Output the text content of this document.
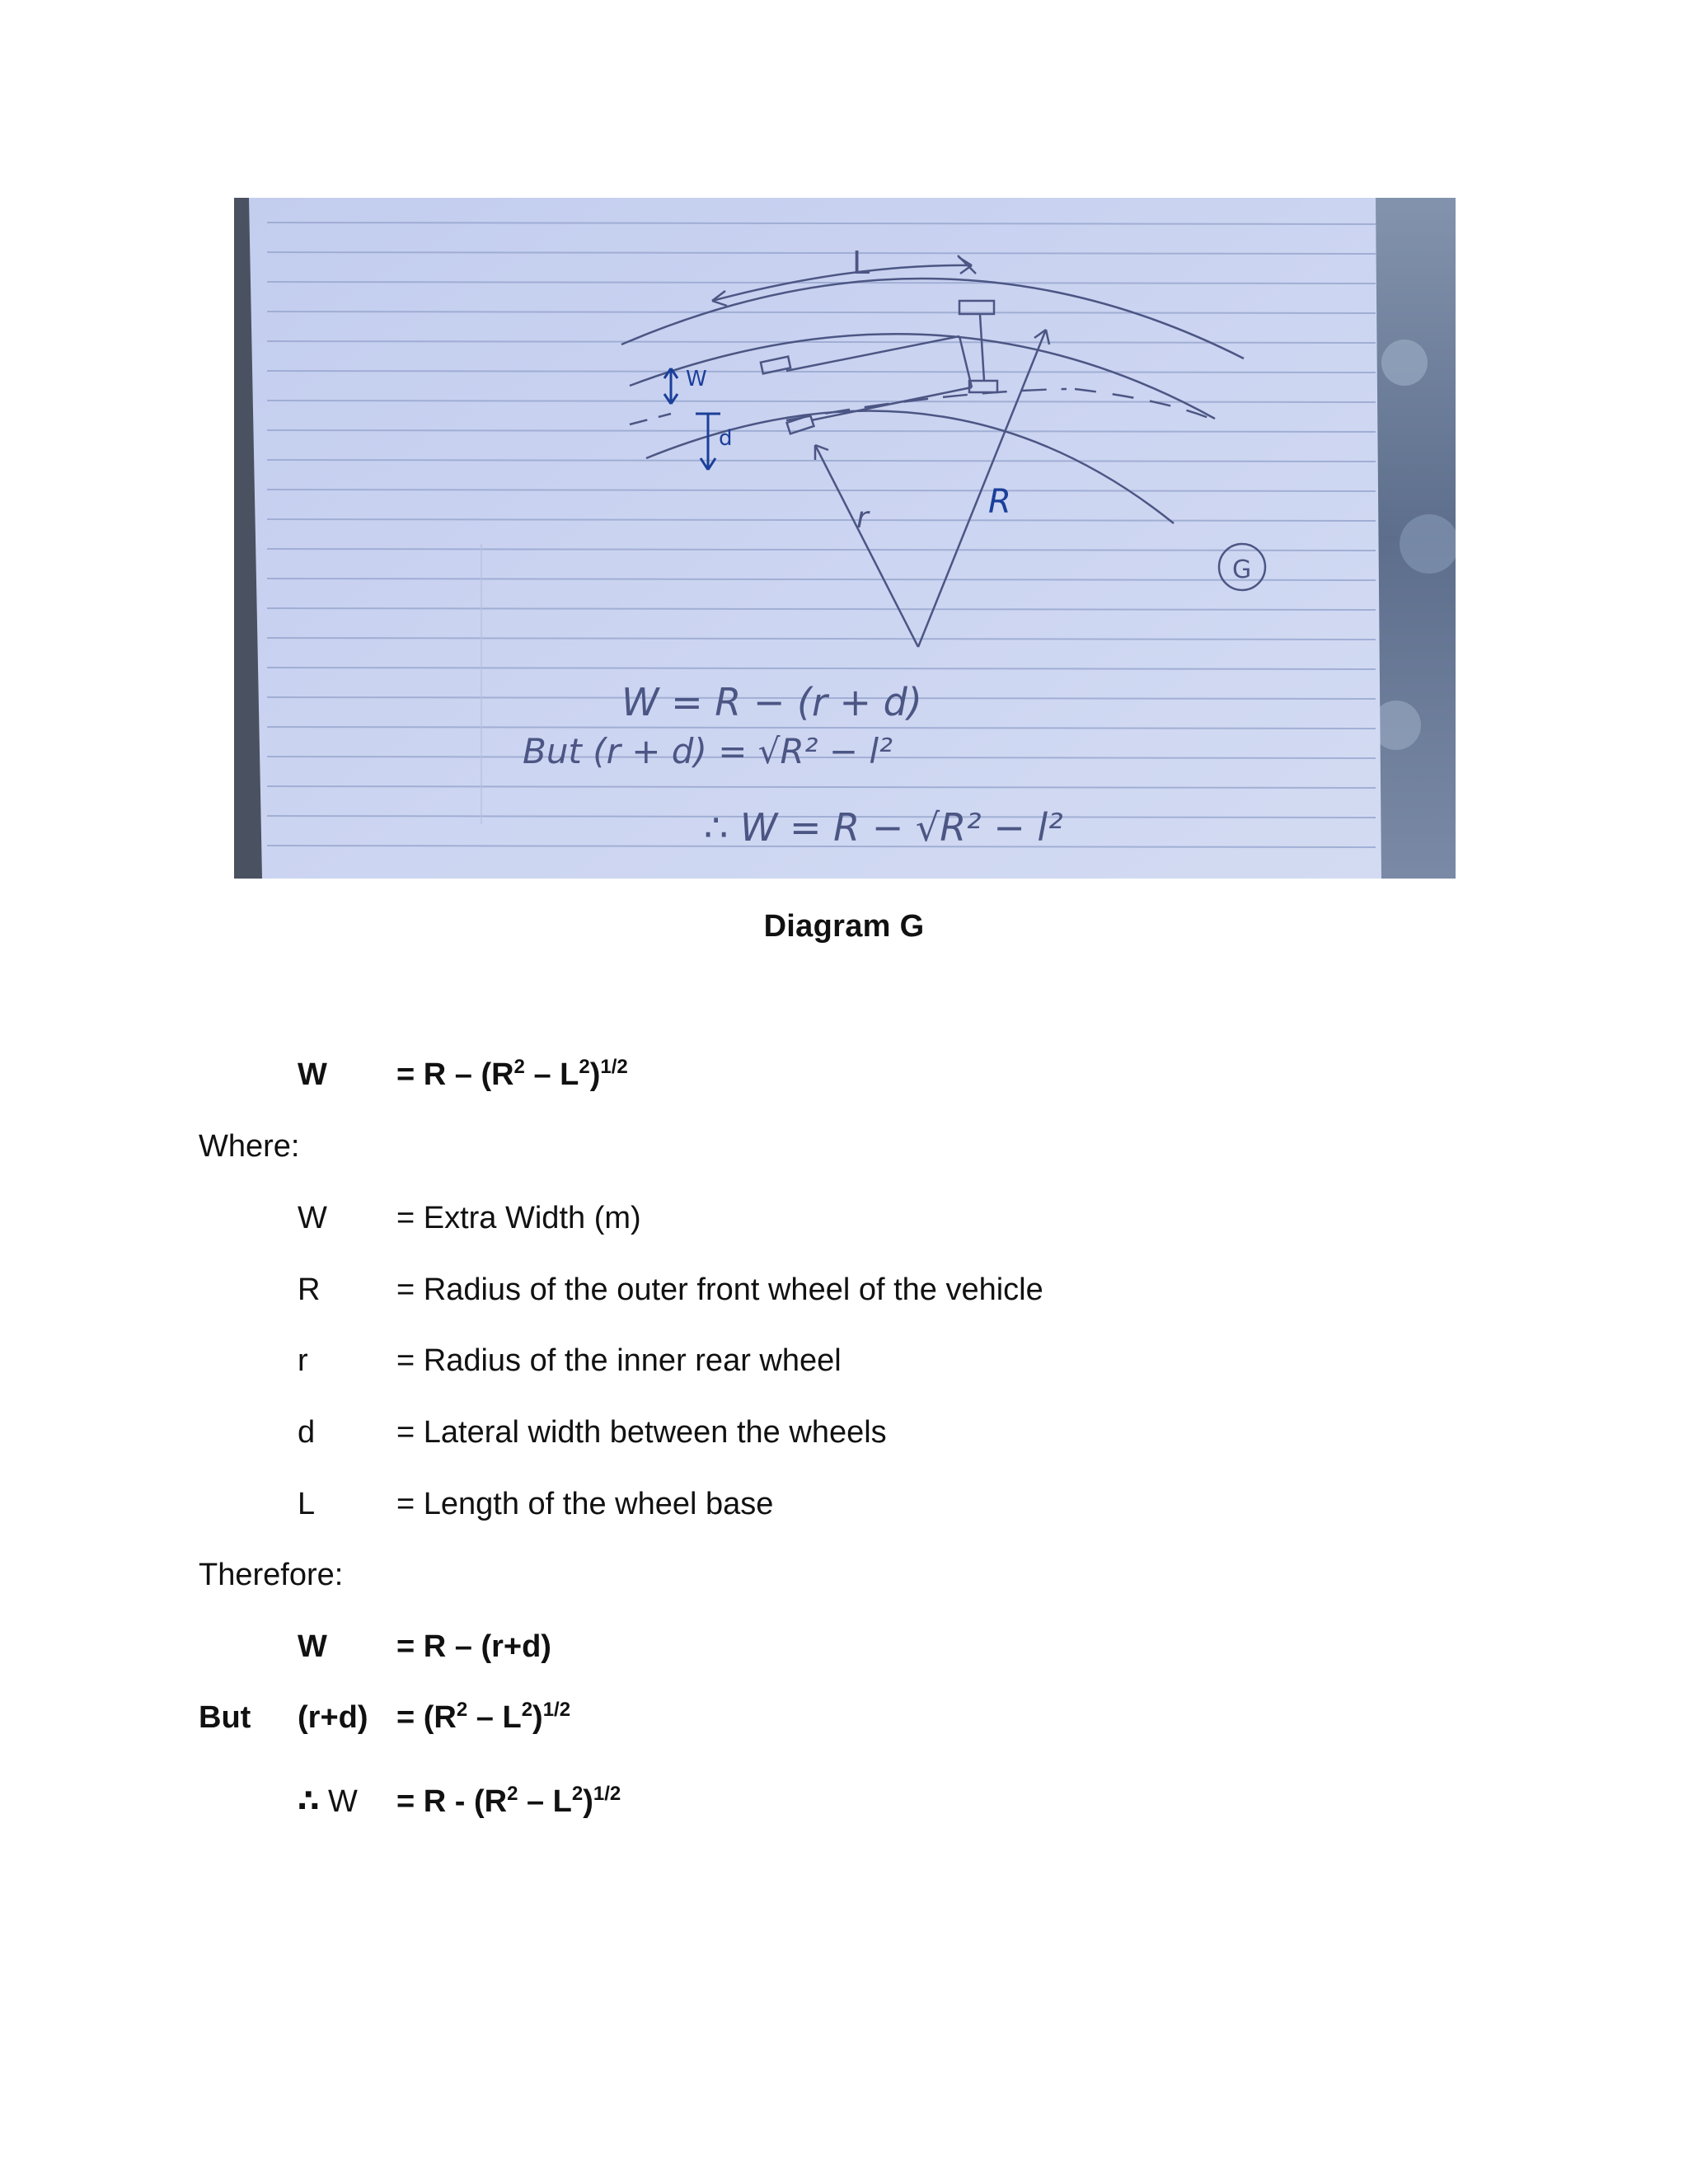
W
d
L
r	R
G
W = R − (r + d)
But (r + d) = √R² − l²
∴ W = R − √R² − l²
Diagram G
$W = R - (R^2 - L^2)^{1/2}$
Where:
W = Extra Width (m)
R = Radius of the outer front wheel of the vehicle
r	= Radius of the inner rear wheel
d	= Lateral width between the wheels
L	= Length of the wheel base
Therefore:
W = R – (r+d)
But $(r+d) = (R^2 - L^2)^{1/2}$
∴ $W = R - (R^2 - L^2)^{1/2}$
